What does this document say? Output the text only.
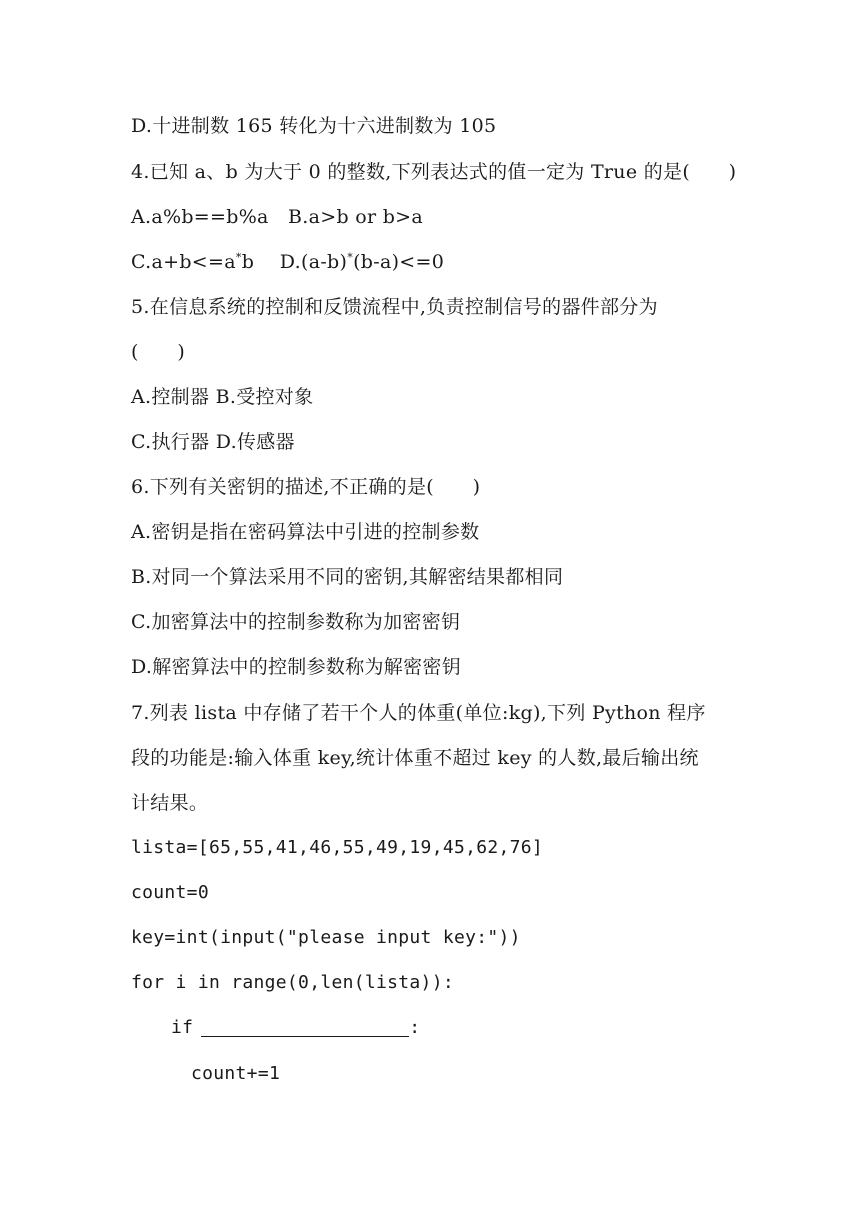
D.十进制数 165 转化为十六进制数为 105
4.已知 a、b 为大于 0 的整数,下列表达式的值一定为 True 的是(　　)
A.a%b==b%a　B.a>b or b>a
C.a+b<=a*b　 D.(a-b)*(b-a)<=0
5.在信息系统的控制和反馈流程中,负责控制信号的器件部分为
(　　)
A.控制器 B.受控对象
C.执行器 D.传感器
6.下列有关密钥的描述,不正确的是(　　)
A.密钥是指在密码算法中引进的控制参数
B.对同一个算法采用不同的密钥,其解密结果都相同
C.加密算法中的控制参数称为加密密钥
D.解密算法中的控制参数称为解密密钥
7.列表 lista 中存储了若干个人的体重(单位:kg),下列 Python 程序
段的功能是:输入体重 key,统计体重不超过 key 的人数,最后输出统
计结果。
lista=[65,55,41,46,55,49,19,45,62,76]
count=0
key=int(input("please input key:"))
for i in range(0,len(lista)):
if	:
count+=1
